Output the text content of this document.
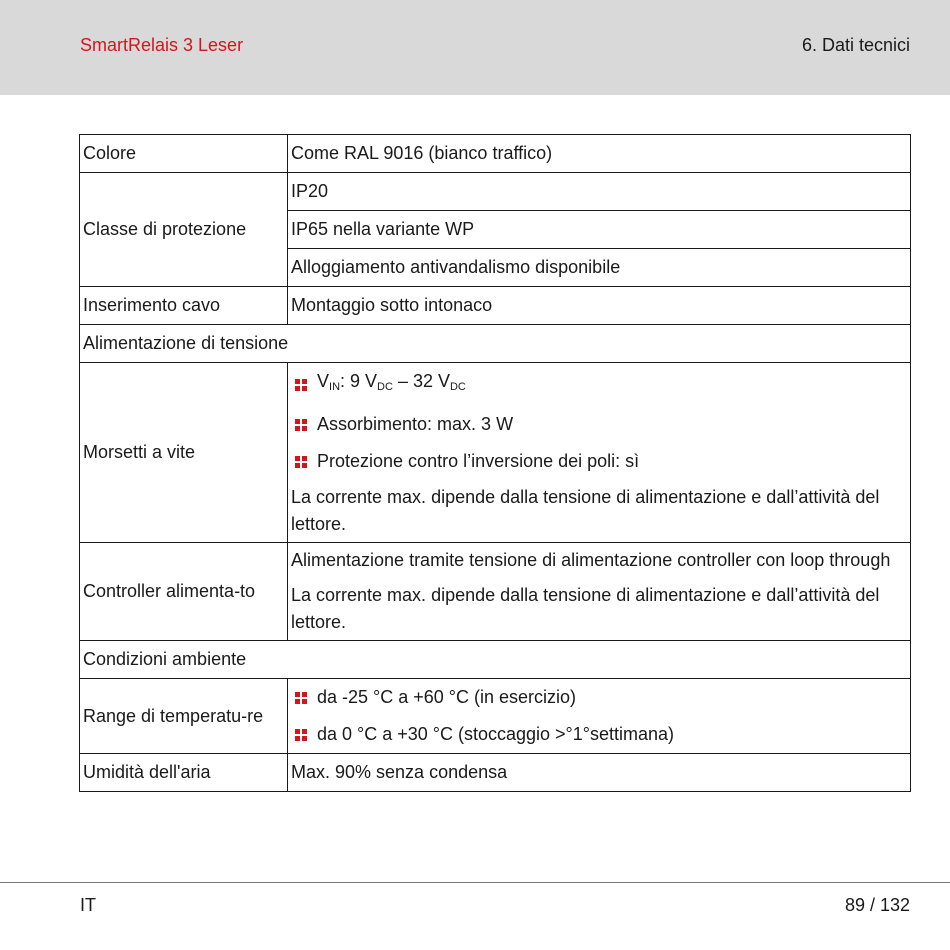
SmartRelais 3 Leser	6. Dati tecnici
Colore	Come RAL 9016 (bianco traffico)
Classe di protezione	IP20
	IP65 nella variante WP
	Alloggiamento antivandalismo disponibile
Inserimento cavo	Montaggio sotto intonaco
Alimentazione di tensione	
Morsetti a vite	$V_{IN}$: 9 $V_{DC} - 32$ $V_{DC}$
Assorbimento: max. 3 W
Protezione contro l’inversione dei poli: sì
La corrente max. dipende dalla tensione di alimentazione e dall’attività del lettore.

Controller alimenta-to	Alimentazione tramite tensione di alimentazione controller con loop through
La corrente max. dipende dalla tensione di alimentazione e dall’attività del lettore.

Condizioni ambiente	
Range di temperatu-re	da -25 °C a +60 °C (in esercizio)
da 0 °C a +30 °C (stoccaggio >°1°settimana)

Umidità dell'aria	Max. 90% senza condensa
IT	89 / 132
